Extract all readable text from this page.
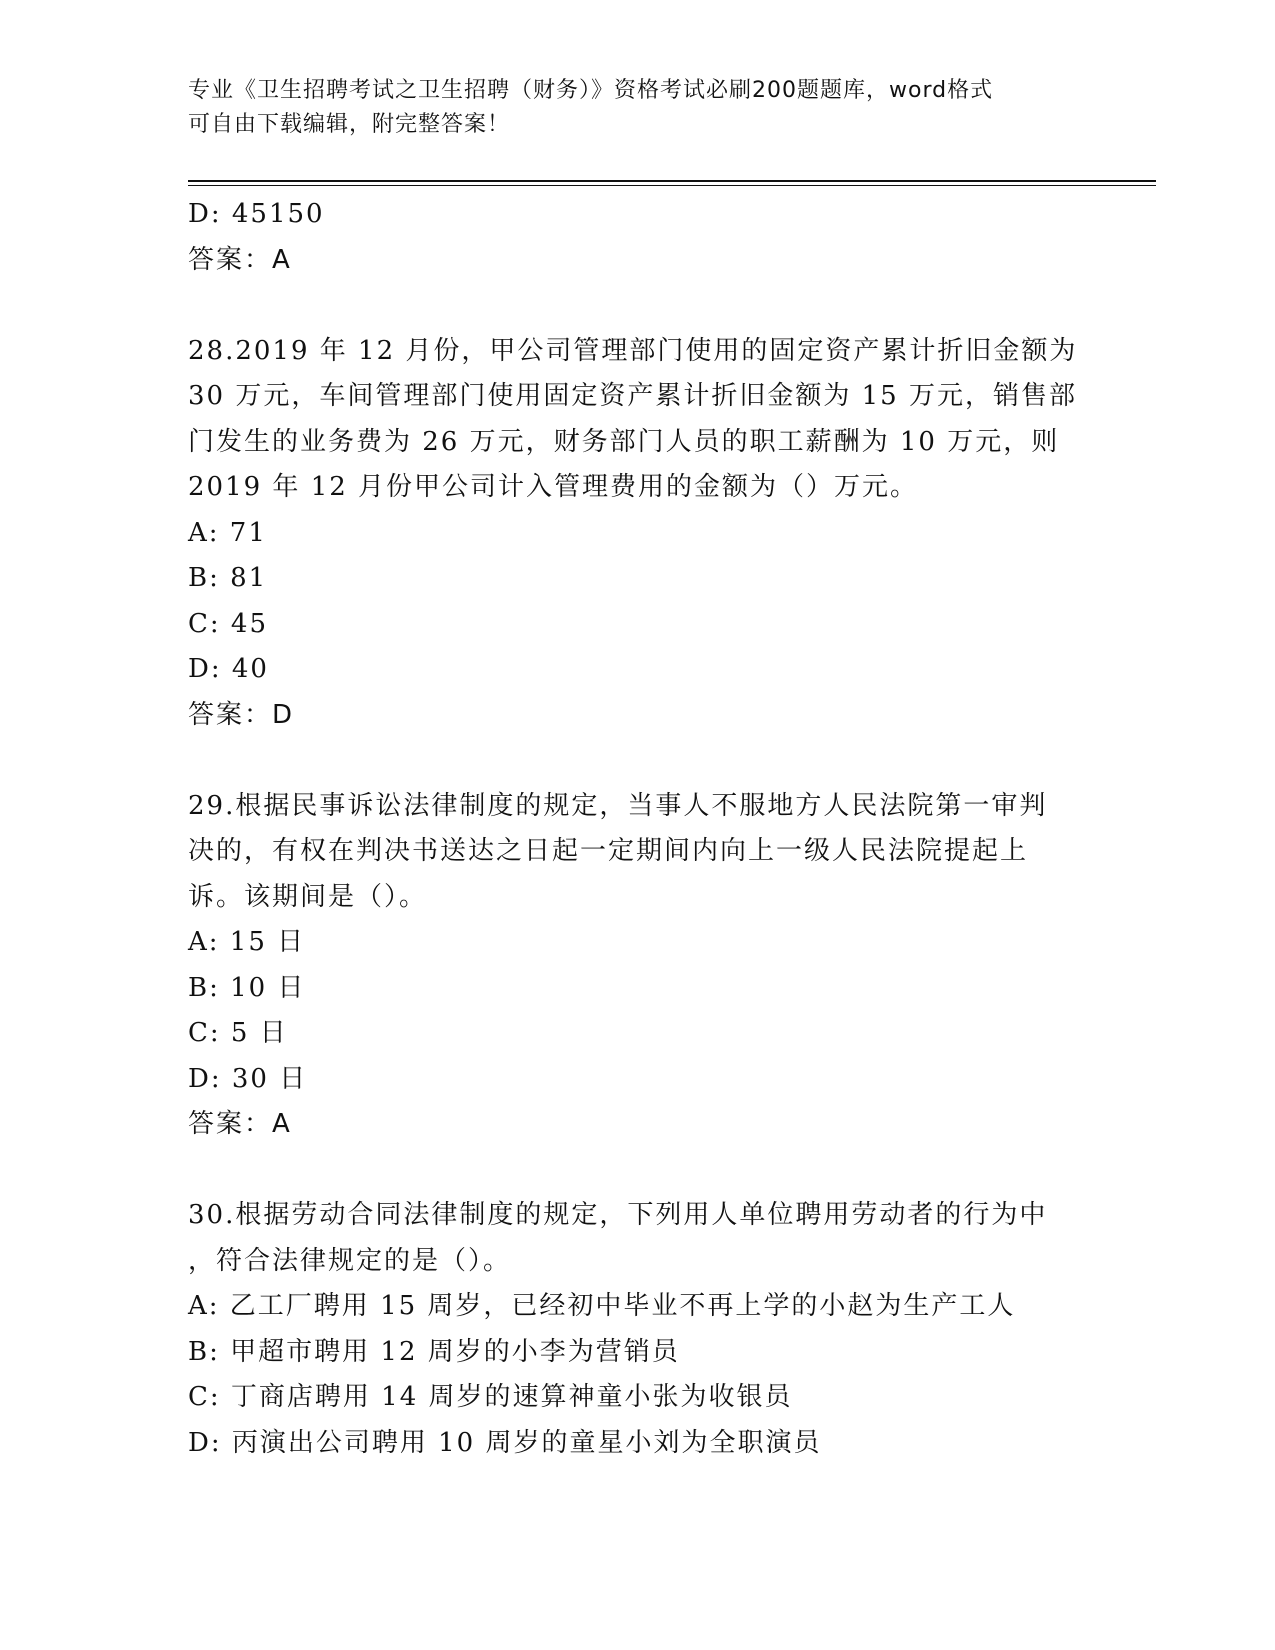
专业《卫生招聘考试之卫生招聘（财务）》资格考试必刷200题题库，word格式
可自由下载编辑，附完整答案！
D: 45150
答案：A
28.2019 年 12 月份，甲公司管理部门使用的固定资产累计折旧金额为
30 万元，车间管理部门使用固定资产累计折旧金额为 15 万元，销售部
门发生的业务费为 26 万元，财务部门人员的职工薪酬为 10 万元，则
2019 年 12 月份甲公司计入管理费用的金额为（）万元。
A: 71
B: 81
C: 45
D: 40
答案：D
29.根据民事诉讼法律制度的规定，当事人不服地方人民法院第一审判
决的，有权在判决书送达之日起一定期间内向上一级人民法院提起上
诉。该期间是（）。
A: 15 日
B: 10 日
C: 5 日
D: 30 日
答案：A
30.根据劳动合同法律制度的规定，下列用人单位聘用劳动者的行为中
，符合法律规定的是（）。
A: 乙工厂聘用 15 周岁，已经初中毕业不再上学的小赵为生产工人
B: 甲超市聘用 12 周岁的小李为营销员
C: 丁商店聘用 14 周岁的速算神童小张为收银员
D: 丙演出公司聘用 10 周岁的童星小刘为全职演员
